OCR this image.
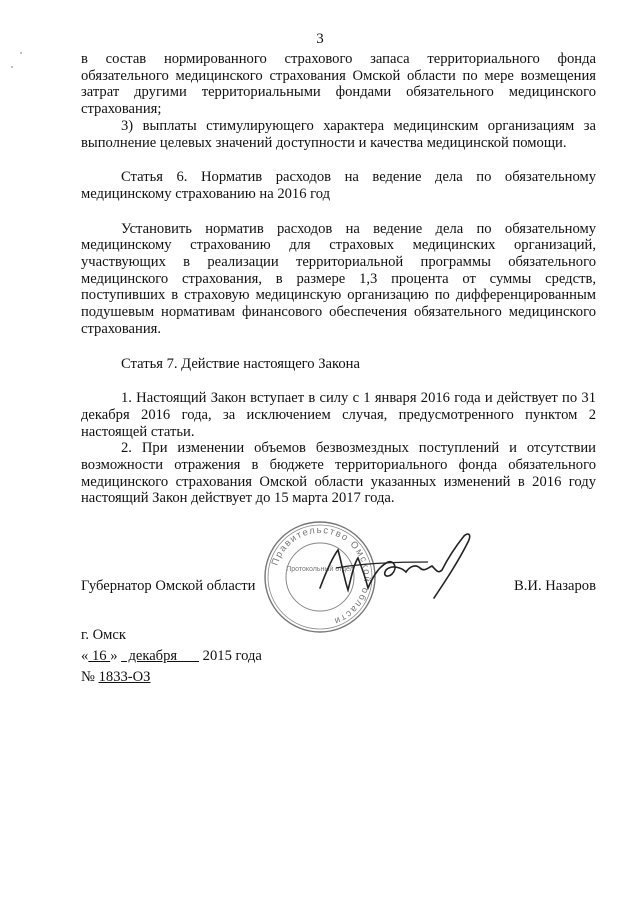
3

в состав нормированного страхового запаса территориального фонда обязательного медицинского страхования Омской области по мере возмещения затрат другими территориальными фондами обязательного медицинского страхования;

3) выплаты стимулирующего характера медицинским организациям за выполнение целевых значений доступности и качества медицинской помощи.

Статья 6. Норматив расходов на ведение дела по обязательному медицинскому страхованию на 2016 год

Установить норматив расходов на ведение дела по обязательному медицинскому страхованию для страховых медицинских организаций, участвующих в реализации территориальной программы обязательного медицинского страхования, в размере 1,3 процента от суммы средств, поступивших в страховую медицинскую организацию по дифференцированным подушевым нормативам финансового обеспечения обязательного медицинского страхования.

Статья 7. Действие настоящего Закона

1. Настоящий Закон вступает в силу с 1 января 2016 года и действует по 31 декабря 2016 года, за исключением случая, предусмотренного пунктом 2 настоящей статьи.

2. При изменении объемов безвозмездных поступлений и отсутствии возможности отражения в бюджете территориального фонда обязательного медицинского страхования Омской области указанных изменений в 2016 году настоящий Закон действует до 15 марта 2017 года.

Правительство Омской области
Протокольный отдел
Губернатор Омской области	В.И. Назаров
г. Омск
« 16 »   декабря       2015 года
№ 1833-ОЗ
